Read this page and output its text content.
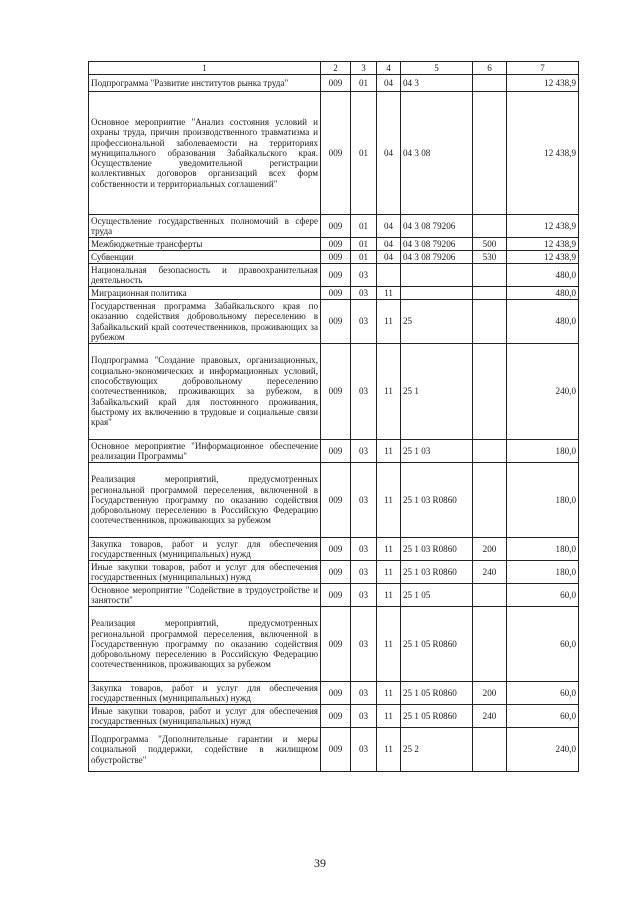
1	2	3	4	5	6	7
Подпрограмма "Развитие институтов рынка труда"	009	01	04	04 3		12 438,9
Основное мероприятие "Анализ состояния условий и охраны труда, причин производственного травматизма и профессиональной заболеваемости на территориях муниципального образования Забайкальского края. Осуществление уведомительной регистрации коллективных договоров организаций всех форм собственности и территориальных соглашений"	009	01	04	04 3 08		12 438,9
Осуществление государственных полномочий в сфере труда	009	01	04	04 3 08 79206		12 438,9
Межбюджетные трансферты	009	01	04	04 3 08 79206	500	12 438,9
Субвенции	009	01	04	04 3 08 79206	530	12 438,9
Национальная безопасность и правоохранительная деятельность	009	03				480,0
Миграционная политика	009	03	11			480,0
Государственная программа Забайкальского края по оказанию содействия добровольному переселению в Забайкальский край соотечественников, проживающих за рубежом	009	03	11	25		480,0
Подпрограмма "Создание правовых, организационных, социально-экономических и информационных условий, способствующих добровольному переселению соотечественников, проживающих за рубежом, в Забайкальский край для постоянного проживания, быстрому их включению в трудовые и социальные связи края"	009	03	11	25 1		240,0
Основное мероприятие "Информационное обеспечение реализации Программы"	009	03	11	25 1 03		180,0
Реализация мероприятий, предусмотренных региональной программой переселения, включенной в Государственную программу по оказанию содействия добровольному переселению в Российскую Федерацию соотечественников, проживающих за рубежом	009	03	11	25 1 03 R0860		180,0
Закупка товаров, работ и услуг для обеспечения государственных (муниципальных) нужд	009	03	11	25 1 03 R0860	200	180,0
Иные закупки товаров, работ и услуг для обеспечения государственных (муниципальных) нужд	009	03	11	25 1 03 R0860	240	180,0
Основное мероприятие "Содействие в трудоустройстве и занятости"	009	03	11	25 1 05		60,0
Реализация мероприятий, предусмотренных региональной программой переселения, включенной в Государственную программу по оказанию содействия добровольному переселению в Российскую Федерацию соотечественников, проживающих за рубежом	009	03	11	25 1 05 R0860		60,0
Закупка товаров, работ и услуг для обеспечения государственных (муниципальных) нужд	009	03	11	25 1 05 R0860	200	60,0
Иные закупки товаров, работ и услуг для обеспечения государственных (муниципальных) нужд	009	03	11	25 1 05 R0860	240	60,0
Подпрограмма "Дополнительные гарантии и меры социальной поддержки, содействие в жилищном обустройстве"	009	03	11	25 2		240,0
39
